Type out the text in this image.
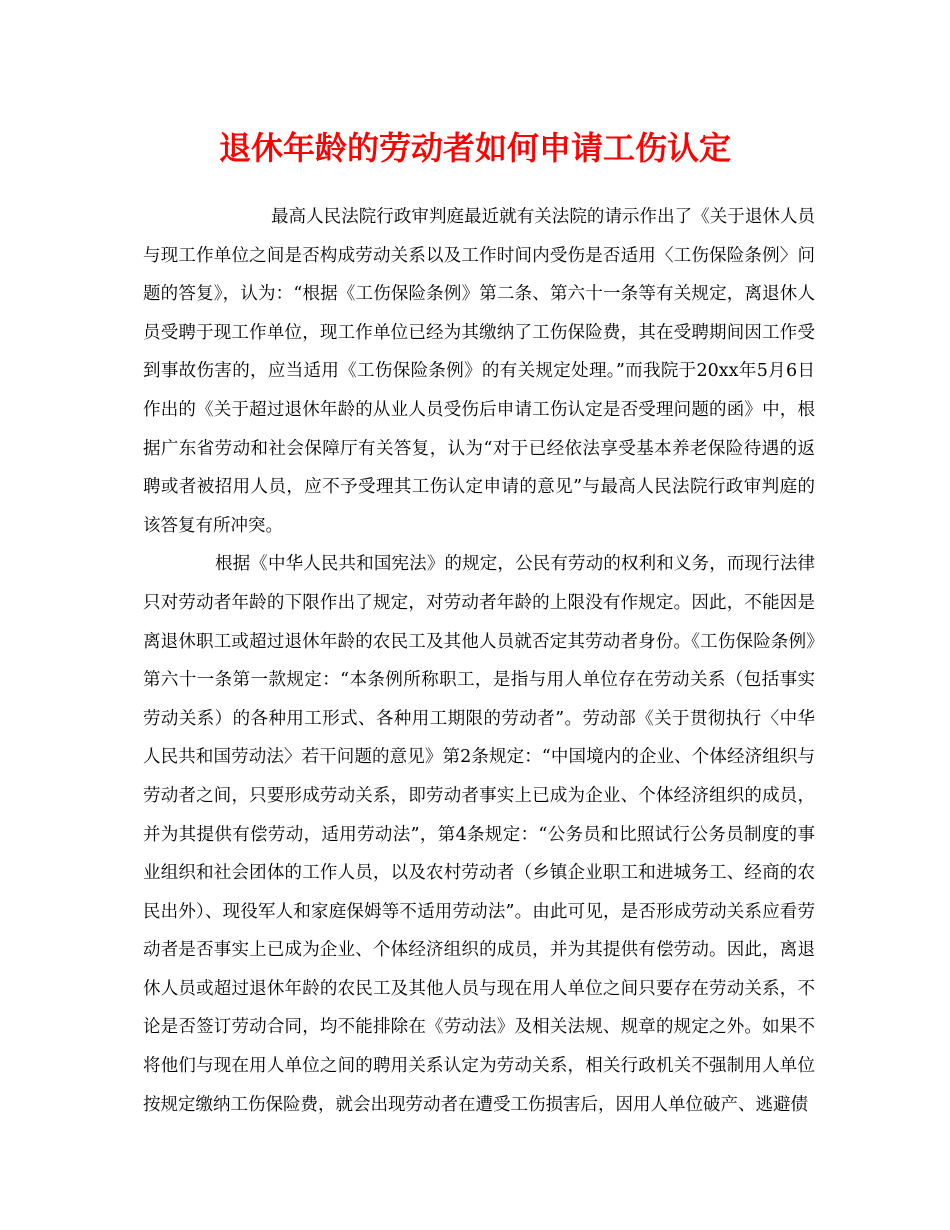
退休年龄的劳动者如何申请工伤认定

最高人民法院行政审判庭最近就有关法院的请示作出了《关于退休人员与现工作单位之间是否构成劳动关系以及工作时间内受伤是否适用〈工伤保险条例〉问题的答复》，认为：“根据《工伤保险条例》第二条、第六十一条等有关规定，离退休人员受聘于现工作单位，现工作单位已经为其缴纳了工伤保险费，其在受聘期间因工作受到事故伤害的，应当适用《工伤保险条例》的有关规定处理。”而我院于20xx年5月6日作出的《关于超过退休年龄的从业人员受伤后申请工伤认定是否受理问题的函》中，根据广东省劳动和社会保障厅有关答复，认为“对于已经依法享受基本养老保险待遇的返聘或者被招用人员，应不予受理其工伤认定申请的意见”与最高人民法院行政审判庭的该答复有所冲突。

根据《中华人民共和国宪法》的规定，公民有劳动的权利和义务，而现行法律只对劳动者年龄的下限作出了规定，对劳动者年龄的上限没有作规定。因此，不能因是离退休职工或超过退休年龄的农民工及其他人员就否定其劳动者身份。《工伤保险条例》第六十一条第一款规定：“本条例所称职工，是指与用人单位存在劳动关系（包括事实劳动关系）的各种用工形式、各种用工期限的劳动者”。劳动部《关于贯彻执行〈中华人民共和国劳动法〉若干问题的意见》第2条规定：“中国境内的企业、个体经济组织与劳动者之间，只要形成劳动关系，即劳动者事实上已成为企业、个体经济组织的成员，并为其提供有偿劳动，适用劳动法”，第4条规定：“公务员和比照试行公务员制度的事业组织和社会团体的工作人员，以及农村劳动者（乡镇企业职工和进城务工、经商的农民出外）、现役军人和家庭保姆等不适用劳动法”。由此可见，是否形成劳动关系应看劳动者是否事实上已成为企业、个体经济组织的成员，并为其提供有偿劳动。因此，离退休人员或超过退休年龄的农民工及其他人员与现在用人单位之间只要存在劳动关系，不论是否签订劳动合同，均不能排除在《劳动法》及相关法规、规章的规定之外。如果不将他们与现在用人单位之间的聘用关系认定为劳动关系，相关行政机关不强制用人单位按规定缴纳工伤保险费，就会出现劳动者在遭受工伤损害后，因用人单位破产、逃避债
